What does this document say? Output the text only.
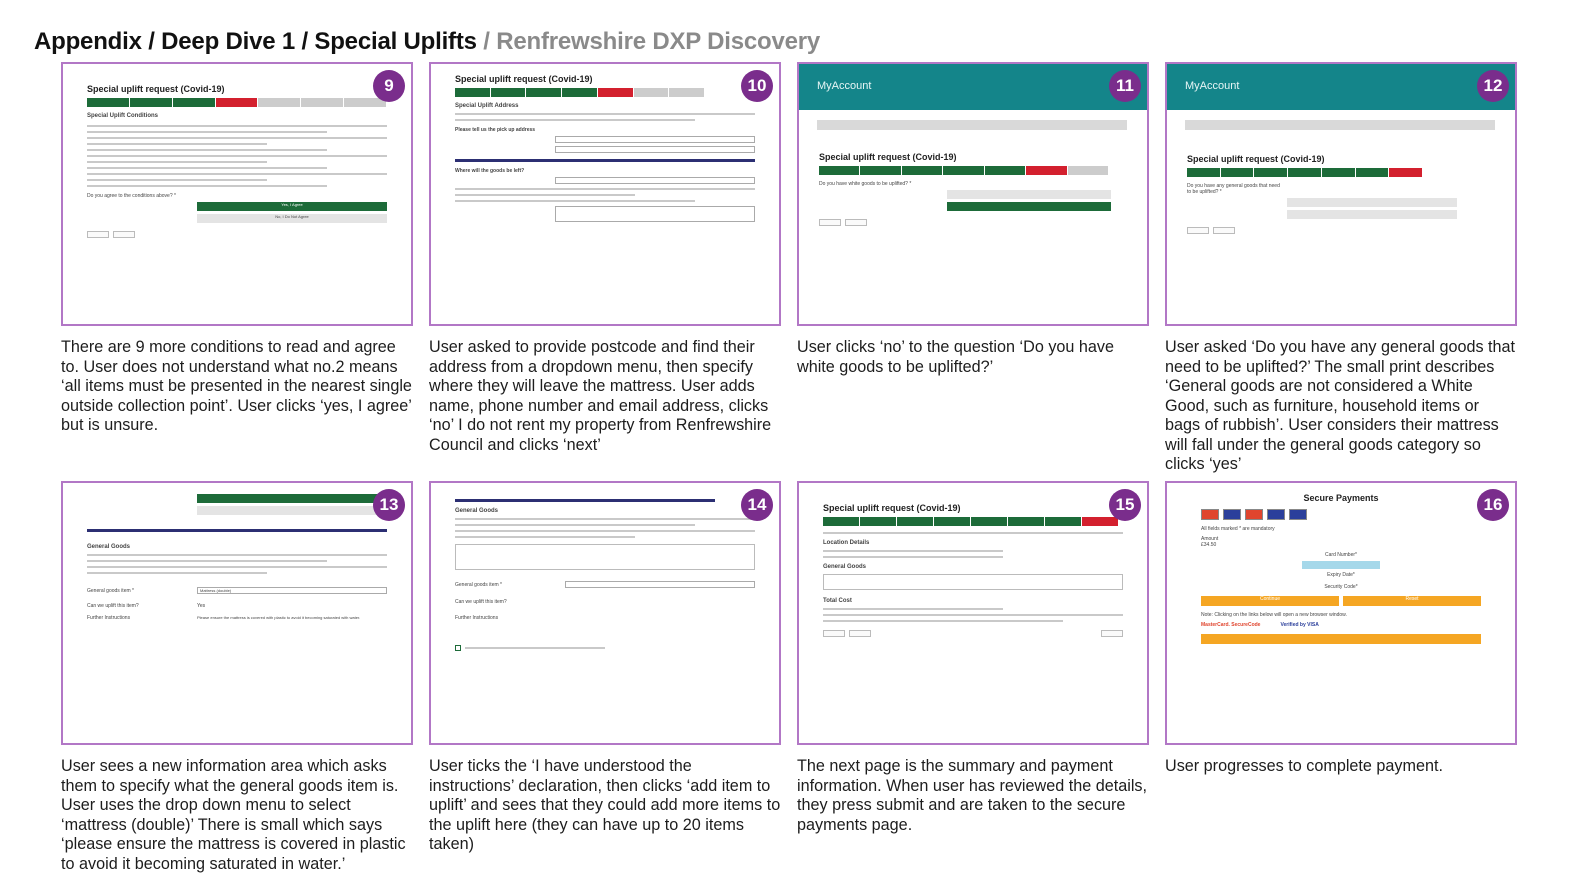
Appendix / Deep Dive 1 / Special Uplifts / Renfrewshire DXP Discovery
9
Special uplift request (Covid-19)
Special Uplift Conditions
Do you agree to the conditions above? *
Yes, I Agree
No, I Do Not Agree
There are 9 more conditions to read and agree to. User does not understand what no.2 means ‘all items must be presented in the nearest single outside collection point’. User clicks ‘yes, I agree’ but is unsure.
10
Special uplift request (Covid-19)
Special Uplift Address
Please tell us the pick up address
Where will the goods be left?
User asked to provide postcode and find their address from a dropdown menu, then specify where they will leave the mattress. User adds name, phone number and email address, clicks ‘no’ I do not rent my property from Renfrewshire Council and clicks ‘next’
11
MyAccount
Special uplift request (Covid-19)
Do you have white goods to be uplifted? *
User clicks ‘no’ to the question ‘Do you have white goods to be uplifted?’
12
MyAccount
Special uplift request (Covid-19)
Do you have any general goods that need to be uplifted? *
User asked ‘Do you have any general goods that need to be uplifted?’ The small print describes ‘General goods are not considered a White Good, such as furniture, household items or bags of rubbish’. User considers their mattress will fall under the general goods category so clicks ‘yes’
13
General Goods
General goods item *	Mattress (double)
Can we uplift this item?	Yes
Further Instructions	Please ensure the mattress is covered with plastic to avoid it becoming saturated with water.
User sees a new information area which asks them to specify what the general goods item is. User uses the drop down menu to select ‘mattress (double)’ There is small which says ‘please ensure the mattress is covered in plastic to avoid it becoming saturated in water.’
14
General Goods
General goods item *
Can we uplift this item?
Further Instructions
User ticks the ‘I have understood the instructions’ declaration, then clicks ‘add item to uplift’ and sees that they could add more items to the uplift here (they can have up to 20 items taken)
15
Special uplift request (Covid-19)
Location Details
General Goods
Total Cost
The next page is the summary and payment information. When user has reviewed the details, they press submit and are taken to the secure payments page.
16
Secure Payments
All fields marked * are mandatory
Amount
£34.50
Card Number*
Expiry Date*
Security Code*
Continue	Reset
Note: Clicking on the links below will open a new browser window.
MasterCard. SecureCode	Verified by VISA
User progresses to complete payment.
